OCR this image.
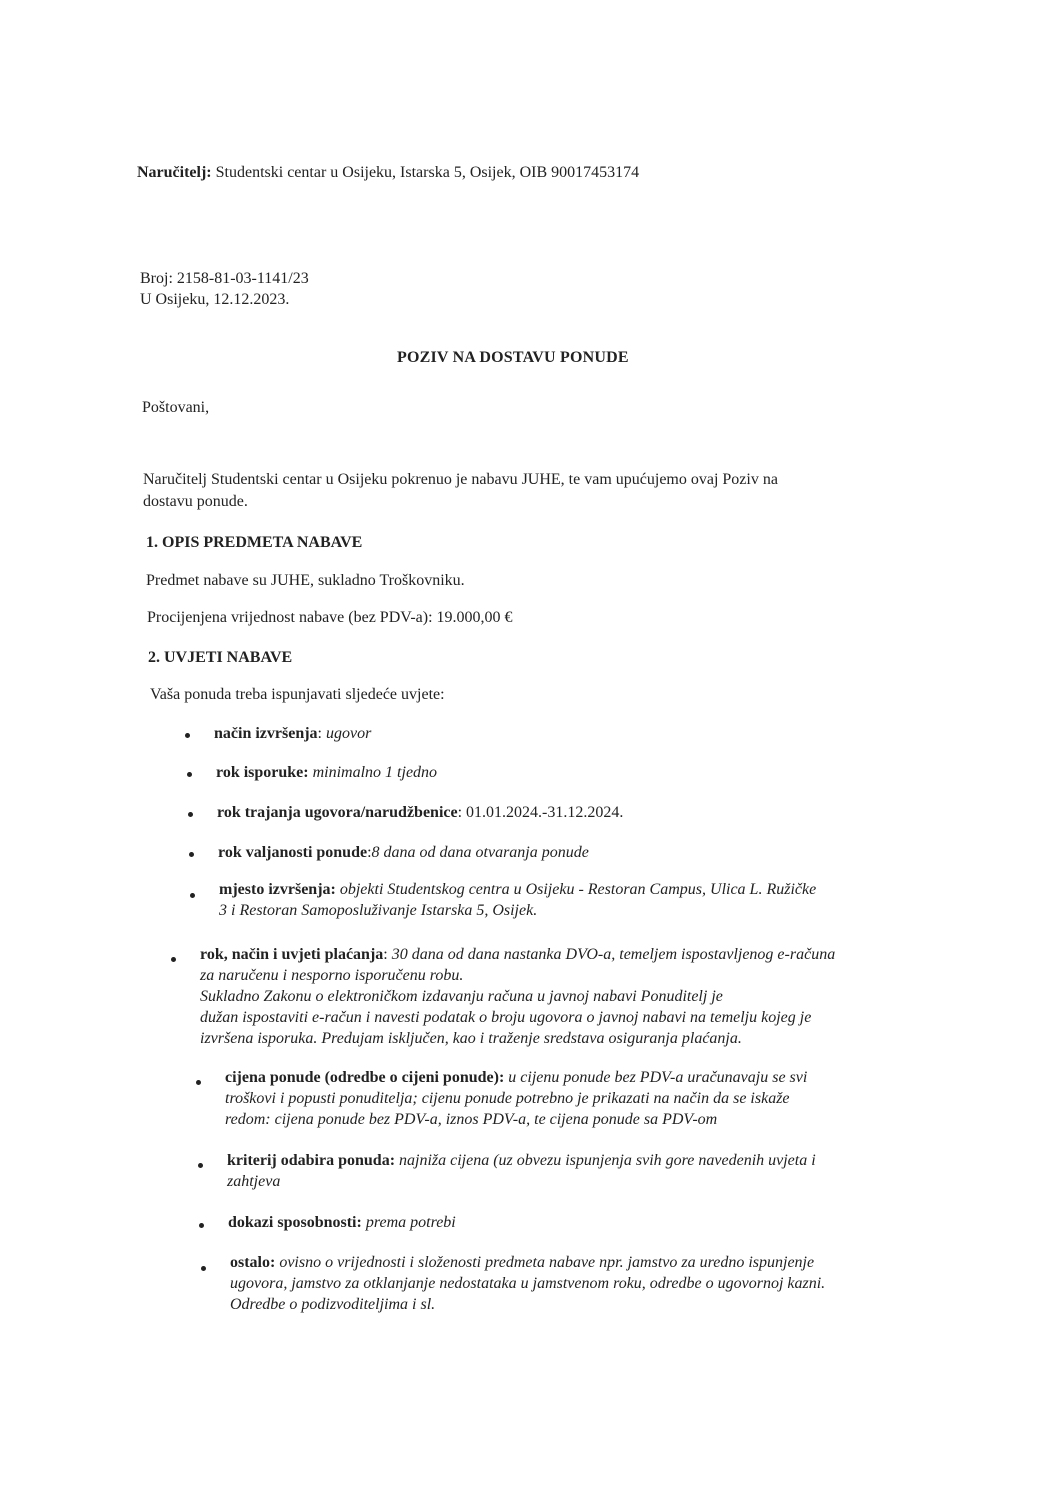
Naručitelj: Studentski centar u Osijeku, Istarska 5, Osijek, OIB 90017453174
Broj: 2158-81-03-1141/23
U Osijeku, 12.12.2023.
POZIV NA DOSTAVU PONUDE
Poštovani,
Naručitelj Studentski centar u Osijeku pokrenuo je nabavu JUHE, te vam upućujemo ovaj Poziv na
dostavu ponude.
1. OPIS PREDMETA NABAVE
Predmet nabave su JUHE, sukladno Troškovniku.
Procijenjena vrijednost nabave (bez PDV-a): 19.000,00 €
2. UVJETI NABAVE
Vaša ponuda treba ispunjavati sljedeće uvjete:
način izvršenja: ugovor
rok isporuke: minimalno 1 tjedno
rok trajanja ugovora/narudžbenice: 01.01.2024.-31.12.2024.
rok valjanosti ponude:8 dana od dana otvaranja ponude
mjesto izvršenja: objekti Studentskog centra u Osijeku - Restoran Campus, Ulica L. Ružičke
3 i Restoran Samoposluživanje Istarska 5, Osijek.
rok, način i uvjeti plaćanja: 30 dana od dana nastanka DVO-a, temeljem ispostavljenog e-računa
za naručenu i nesporno isporučenu robu.
Sukladno Zakonu o elektroničkom izdavanju računa u javnoj nabavi Ponuditelj je
dužan ispostaviti e-račun i navesti podatak o broju ugovora o javnoj nabavi na temelju kojeg je
izvršena isporuka. Predujam isključen, kao i traženje sredstava osiguranja plaćanja.
cijena ponude (odredbe o cijeni ponude): u cijenu ponude bez PDV-a uračunavaju se svi
troškovi i popusti ponuditelja; cijenu ponude potrebno je prikazati na način da se iskaže
redom: cijena ponude bez PDV-a, iznos PDV-a, te cijena ponude sa PDV-om
kriterij odabira ponuda: najniža cijena (uz obvezu ispunjenja svih gore navedenih uvjeta i
zahtjeva
dokazi sposobnosti: prema potrebi
ostalo: ovisno o vrijednosti i složenosti predmeta nabave npr. jamstvo za uredno ispunjenje
ugovora, jamstvo za otklanjanje nedostataka u jamstvenom roku, odredbe o ugovornoj kazni.
Odredbe o podizvoditeljima i sl.
